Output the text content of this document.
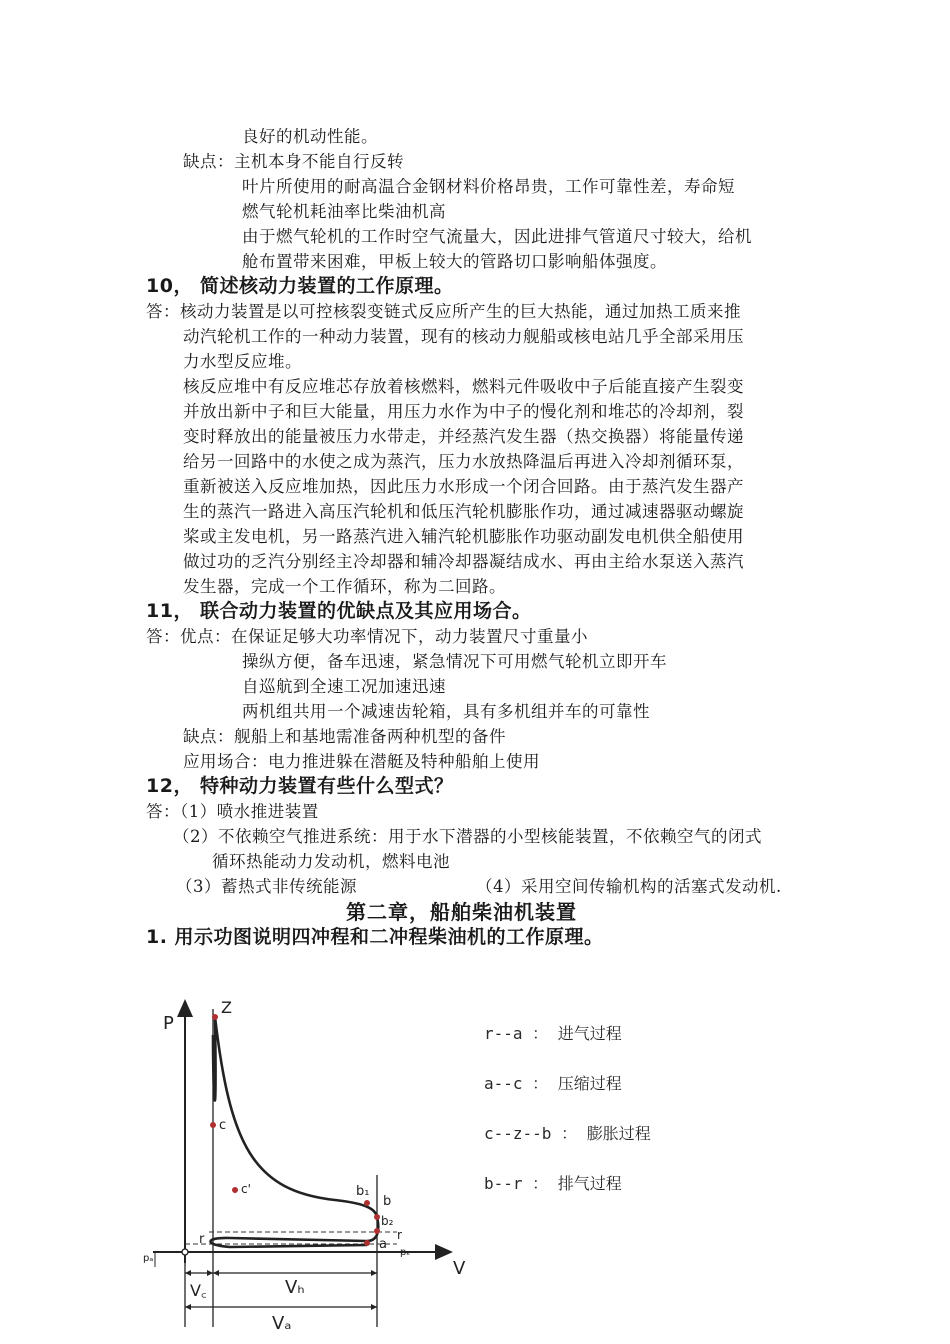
良好的机动性能。
缺点：主机本身不能自行反转
叶片所使用的耐高温合金钢材料价格昂贵，工作可靠性差，寿命短
燃气轮机耗油率比柴油机高
由于燃气轮机的工作时空气流量大，因此进排气管道尺寸较大，给机
舱布置带来困难，甲板上较大的管路切口影响船体强度。
10， 简述核动力装置的工作原理。
答：核动力装置是以可控核裂变链式反应所产生的巨大热能，通过加热工质来推
动汽轮机工作的一种动力装置，现有的核动力舰船或核电站几乎全部采用压
力水型反应堆。
核反应堆中有反应堆芯存放着核燃料，燃料元件吸收中子后能直接产生裂变
并放出新中子和巨大能量，用压力水作为中子的慢化剂和堆芯的冷却剂，裂
变时释放出的能量被压力水带走，并经蒸汽发生器（热交换器）将能量传递
给另一回路中的水使之成为蒸汽，压力水放热降温后再进入冷却剂循环泵，
重新被送入反应堆加热，因此压力水形成一个闭合回路。由于蒸汽发生器产
生的蒸汽一路进入高压汽轮机和低压汽轮机膨胀作功，通过减速器驱动螺旋
桨或主发电机，另一路蒸汽进入辅汽轮机膨胀作功驱动副发电机供全船使用
做过功的乏汽分别经主冷却器和辅冷却器凝结成水、再由主给水泵送入蒸汽
发生器，完成一个工作循环，称为二回路。
11， 联合动力装置的优缺点及其应用场合。
答：优点：在保证足够大功率情况下，动力装置尺寸重量小
操纵方便，备车迅速，紧急情况下可用燃气轮机立即开车
自巡航到全速工况加速迅速
两机组共用一个减速齿轮箱，具有多机组并车的可靠性
缺点：舰船上和基地需准备两种机型的备件
应用场合：电力推进躲在潜艇及特种船舶上使用
12， 特种动力装置有些什么型式？
答：（1）喷水推进装置
（2）不依赖空气推进系统：用于水下潜器的小型核能装置，不依赖空气的闭式
循环热能动力发动机，燃料电池
（3）蓄热式非传统能源	（4）采用空间传输机构的活塞式发动机.
第二章，船舶柴油机装置
1. 用示功图说明四冲程和二冲程柴油机的工作原理。
P
V
Z
c
c'	b₁
b
b₂
r
a
r
pₖ
pₐ
V꜀	Vₕ
Vₐ
r--a ： 进气过程
a--c ： 压缩过程
c--z--b ： 膨胀过程
b--r ： 排气过程
